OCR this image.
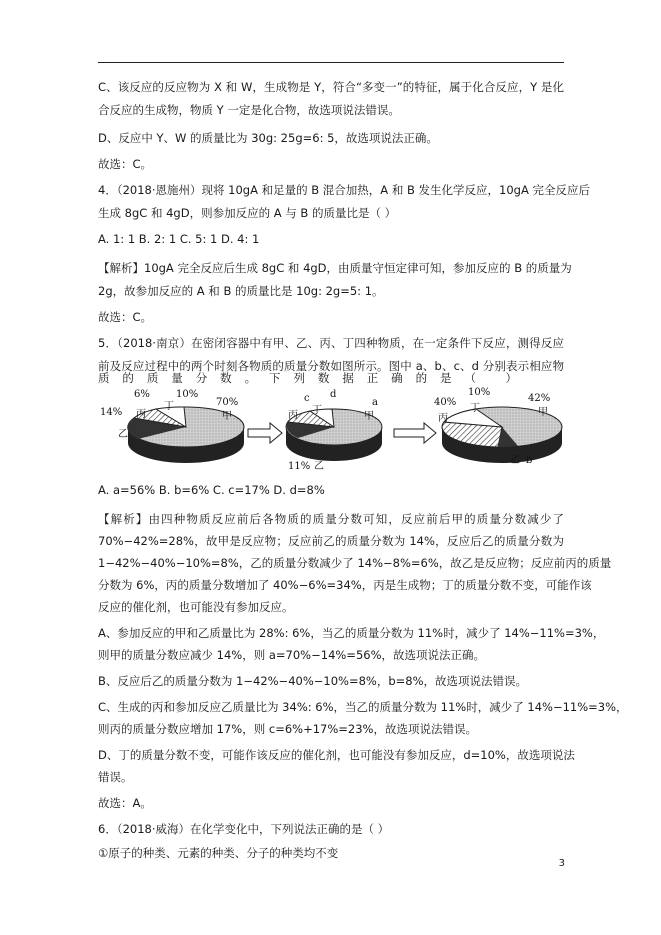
C、该反应的反应物为 X 和 W，生成物是 Y，符合“多变一”的特征，属于化合反应，Y 是化
合反应的生成物，物质 Y 一定是化合物，故选项说法错误。
D、反应中 Y、W 的质量比为 30g: 25g=6: 5，故选项说法正确。
故选：C。
4．（2018·恩施州）现将 10gA 和足量的 B 混合加热，A 和 B 发生化学反应，10gA 完全反应后
生成 8gC 和 4gD，则参加反应的 A 与 B 的质量比是（ ）
A. 1: 1 B. 2: 1 C. 5: 1 D. 4: 1
【解析】10gA 完全反应后生成 8gC 和 4gD，由质量守恒定律可知，参加反应的 B 的质量为
2g，故参加反应的 A 和 B 的质量比是 10g: 2g=5: 1。
故选：C。
5．（2018·南京）在密闭容器中有甲、乙、丙、丁四种物质，在一定条件下反应，测得反应
前及反应过程中的两个时刻各物质的质量分数如图所示。图中 a、b、c、d 分别表示相应物
质的质量分数。下列数据正确的是（ ）
14%
6%	10%
70%
乙
丙
丁
甲
c d
a
丙 丁
甲
11% 乙
40%
10%
42%
丙
丁	甲
乙 b
A. a=56% B. b=6% C. c=17% D. d=8%
【解析】由四种物质反应前后各物质的质量分数可知，反应前后甲的质量分数减少了
70%−42%=28%，故甲是反应物；反应前乙的质量分数为 14%，反应后乙的质量分数为
1−42%−40%−10%=8%，乙的质量分数减少了 14%−8%=6%，故乙是反应物；反应前丙的质量
分数为 6%，丙的质量分数增加了 40%−6%=34%，丙是生成物；丁的质量分数不变，可能作该
反应的催化剂，也可能没有参加反应。
A、参加反应的甲和乙质量比为 28%: 6%，当乙的质量分数为 11%时，减少了 14%−11%=3%，
则甲的质量分数应减少 14%，则 a=70%−14%=56%，故选项说法正确。
B、反应后乙的质量分数为 1−42%−40%−10%=8%，b=8%，故选项说法错误。
C、生成的丙和参加反应乙质量比为 34%: 6%，当乙的质量分数为 11%时，减少了 14%−11%=3%，
则丙的质量分数应增加 17%，则 c=6%+17%=23%，故选项说法错误。
D、丁的质量分数不变，可能作该反应的催化剂，也可能没有参加反应，d=10%，故选项说法
错误。
故选：A。
6．（2018·威海）在化学变化中，下列说法正确的是（ ）
①原子的种类、元素的种类、分子的种类均不变
3
